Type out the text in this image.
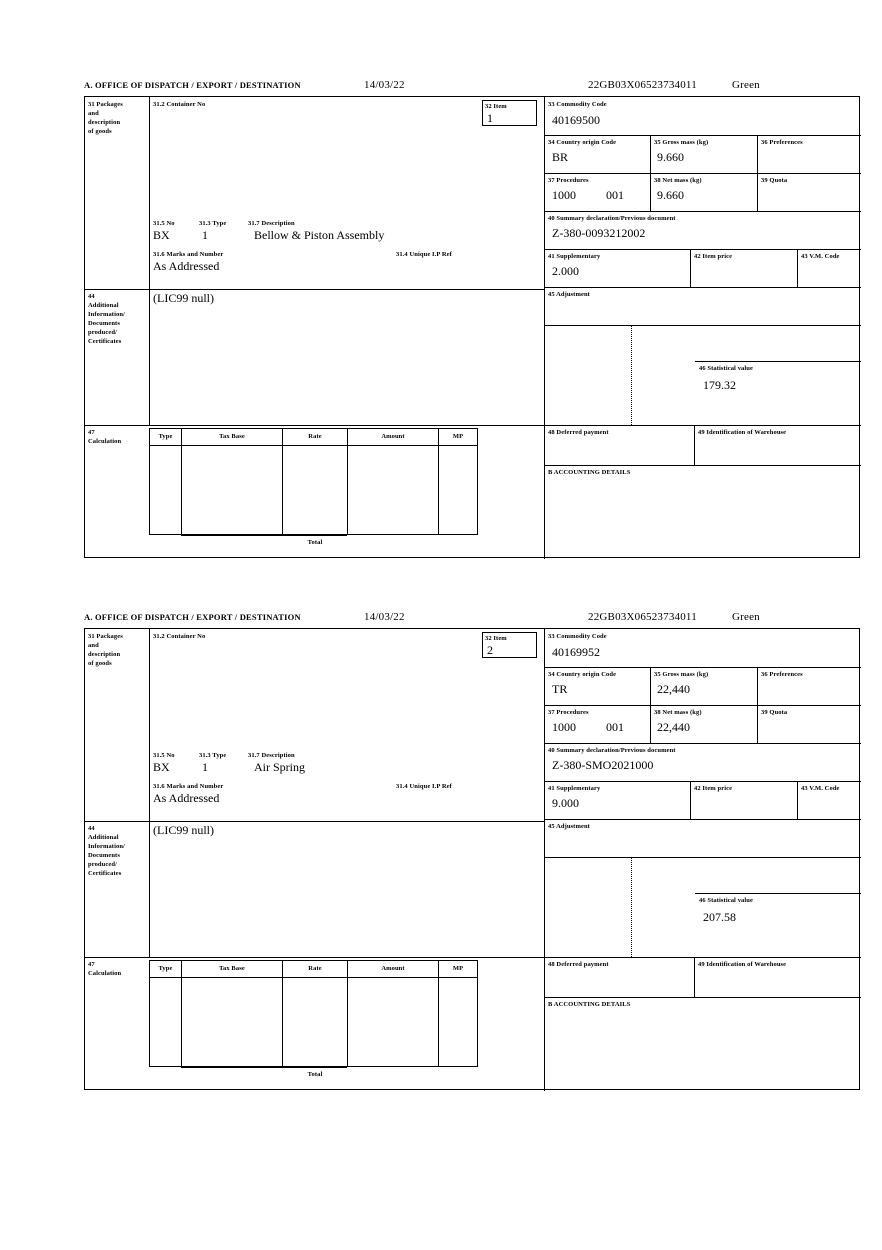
A. OFFICE OF DISPATCH / EXPORT / DESTINATION	14/03/22	22GB03X06523734011	Green
31 Packages
and
description
of goods
31.2 Container No	32 Item
1
31.5 No	31.3 Type	31.7 Description
BX	1	Bellow & Piston Assembly
31.6 Marks and Number	31.4 Unique I.P Ref
As Addressed
44
Additional
Information/
Documents
produced/
Certificates
(LIC99 null)
33 Commodity Code
40169500
34 Country origin Code
BR
35 Gross mass (kg)
9.660
36 Preferences
37 Procedures
1000	001
38 Net mass (kg)
9.660
39 Quota
40 Summary declaration/Previous document
Z-380-0093212002
41 Supplementary
2.000
42 Item price	43 V.M. Code
45 Adjustment
46 Statistical value
179.32
47
Calculation
Type	Tax Base	Rate	Amount	MP
Total
48 Deferred payment	49 Identification of Warehouse
B ACCOUNTING DETAILS
A. OFFICE OF DISPATCH / EXPORT / DESTINATION	14/03/22	22GB03X06523734011	Green
31 Packages
and
description
of goods
31.2 Container No	32 Item
2
31.5 No	31.3 Type	31.7 Description
BX	1	Air Spring
31.6 Marks and Number	31.4 Unique I.P Ref
As Addressed
44
Additional
Information/
Documents
produced/
Certificates
(LIC99 null)
33 Commodity Code
40169952
34 Country origin Code
TR
35 Gross mass (kg)
22,440
36 Preferences
37 Procedures
1000	001
38 Net mass (kg)
22,440
39 Quota
40 Summary declaration/Previous document
Z-380-SMO2021000
41 Supplementary
9.000
42 Item price	43 V.M. Code
45 Adjustment
46 Statistical value
207.58
47
Calculation
Type	Tax Base	Rate	Amount	MP
Total
48 Deferred payment	49 Identification of Warehouse
B ACCOUNTING DETAILS
